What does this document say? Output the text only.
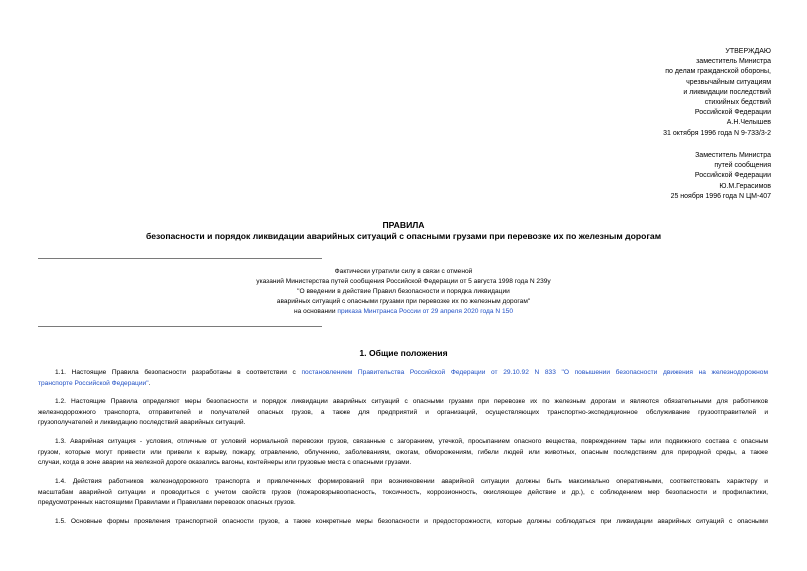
УТВЕРЖДАЮ
заместитель Министра
по делам гражданской обороны,
чрезвычайным ситуациям
и ликвидации последствий
стихийных бедствий
Российской Федерации
А.Н.Челышев
31 октября 1996 года N 9-733/3-2
Заместитель Министра
путей сообщения
Российской Федерации
Ю.М.Герасимов
25 ноября 1996 года N ЦМ-407
ПРАВИЛА
безопасности и порядок ликвидации аварийных ситуаций с опасными грузами при перевозке их по железным дорогам
Фактически утратили силу в связи с отменой
указаний Министерства путей сообщения Российской Федерации от 5 августа 1998 года N 239у
"О введении в действие Правил безопасности и порядка ликвидации
аварийных ситуаций с опасными грузами при перевозке их по железным дорогам"
на основании приказа Минтранса России от 29 апреля 2020 года N 150
1. Общие положения
1.1. Настоящие Правила безопасности разработаны в соответствии с постановлением Правительства Российской Федерации от 29.10.92 N 833 "О повышении безопасности движения на железнодорожном
транспорте Российской Федерации".
1.2. Настоящие Правила определяют меры безопасности и порядок ликвидации аварийных ситуаций с опасными грузами при перевозке их по железным дорогам и являются обязательными для работников
железнодорожного транспорта, отправителей и получателей опасных грузов, а также для предприятий и организаций, осуществляющих транспортно-экспедиционное обслуживание грузоотправителей и
грузополучателей и ликвидацию последствий аварийных ситуаций.
1.3. Аварийная ситуация - условия, отличные от условий нормальной перевозки грузов, связанные с загоранием, утечкой, просыпанием опасного вещества, повреждением тары или подвижного состава с опасным
грузом, которые могут привести или привели к взрыву, пожару, отравлению, облучению, заболеваниям, ожогам, обморожениям, гибели людей или животных, опасным последствиям для природной среды, а также
случаи, когда в зоне аварии на железной дороге оказались вагоны, контейнеры или грузовые места с опасными грузами.
1.4. Действия работников железнодорожного транспорта и привлеченных формирований при возникновении аварийной ситуации должны быть максимально оперативными, соответствовать характеру и
масштабам аварийной ситуации и проводиться с учетом свойств грузов (пожаровзрывоопасность, токсичность, коррозионность, окисляющее действие и др.), с соблюдением мер безопасности и профилактики,
предусмотренных настоящими Правилами и Правилами перевозок опасных грузов.
1.5. Основные формы проявления транспортной опасности грузов, а также конкретные меры безопасности и предосторожности, которые должны соблюдаться при ликвидации аварийных ситуаций с опасными
